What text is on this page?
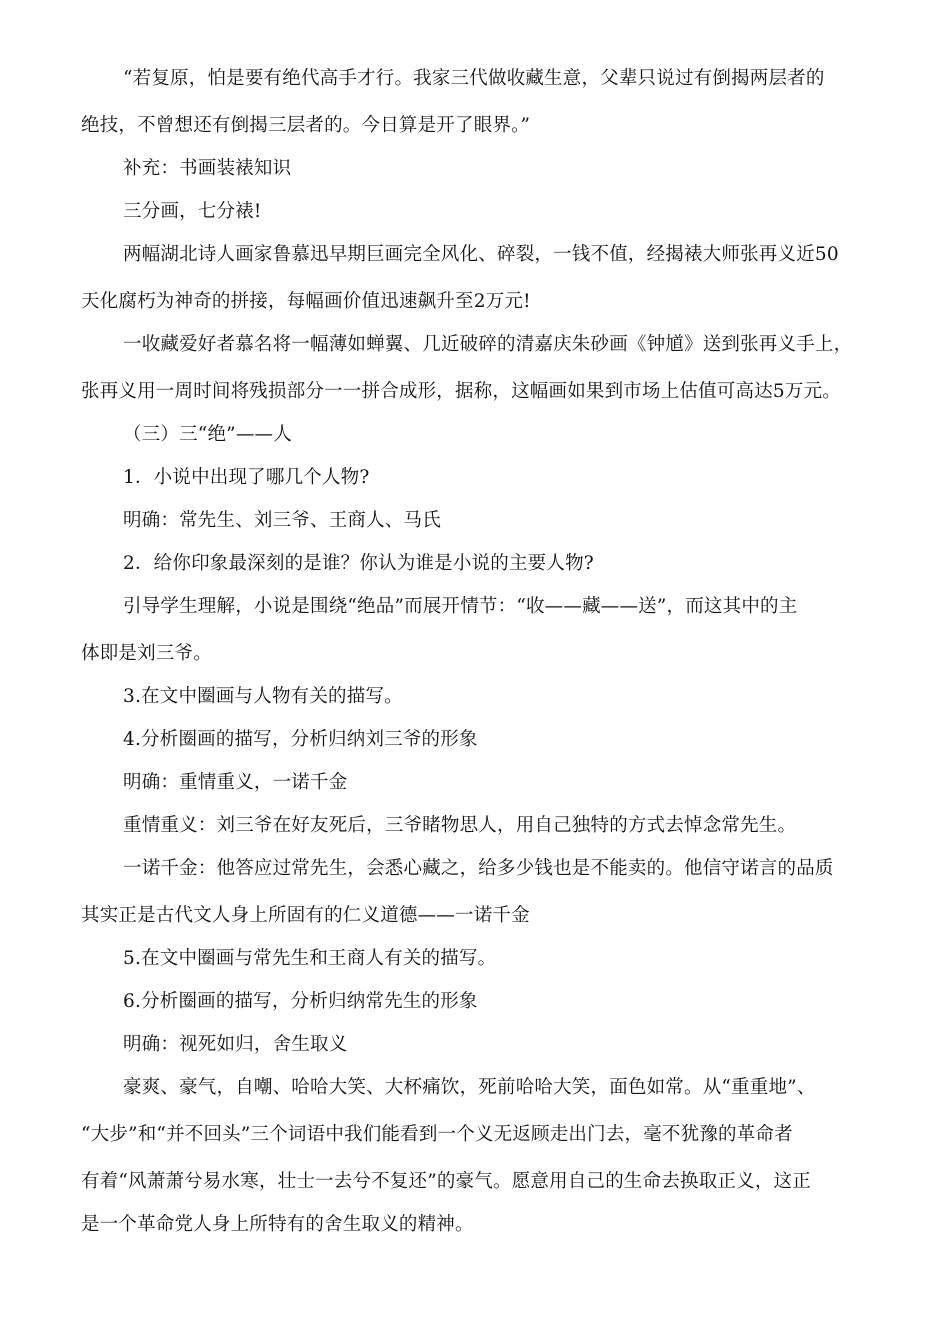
“若复原，怕是要有绝代高手才行。我家三代做收藏生意，父辈只说过有倒揭两层者的
绝技，不曾想还有倒揭三层者的。今日算是开了眼界。”
补充：书画装裱知识
三分画，七分裱!
两幅湖北诗人画家鲁慕迅早期巨画完全风化、碎裂，一钱不值，经揭裱大师张再义近50
天化腐朽为神奇的拼接，每幅画价值迅速飙升至2万元!
一收藏爱好者慕名将一幅薄如蝉翼、几近破碎的清嘉庆朱砂画《钟馗》送到张再义手上，
张再义用一周时间将残损部分一一拼合成形，据称，这幅画如果到市场上估值可高达5万元。
（三）三“绝”——人
1．小说中出现了哪几个人物?
明确：常先生、刘三爷、王商人、马氏
2．给你印象最深刻的是谁？你认为谁是小说的主要人物?
引导学生理解，小说是围绕“绝品”而展开情节：“收——藏——送”，而这其中的主
体即是刘三爷。
3.在文中圈画与人物有关的描写。
4.分析圈画的描写，分析归纳刘三爷的形象
明确：重情重义，一诺千金
重情重义：刘三爷在好友死后，三爷睹物思人，用自己独特的方式去悼念常先生。
一诺千金：他答应过常先生，会悉心藏之，给多少钱也是不能卖的。他信守诺言的品质
其实正是古代文人身上所固有的仁义道德——一诺千金
5.在文中圈画与常先生和王商人有关的描写。
6.分析圈画的描写，分析归纳常先生的形象
明确：视死如归，舍生取义
豪爽、豪气，自嘲、哈哈大笑、大杯痛饮，死前哈哈大笑，面色如常。从“重重地”、
“大步”和“并不回头”三个词语中我们能看到一个义无返顾走出门去，毫不犹豫的革命者
有着“风萧萧兮易水寒，壮士一去兮不复还”的豪气。愿意用自己的生命去换取正义，这正
是一个革命党人身上所特有的舍生取义的精神。
